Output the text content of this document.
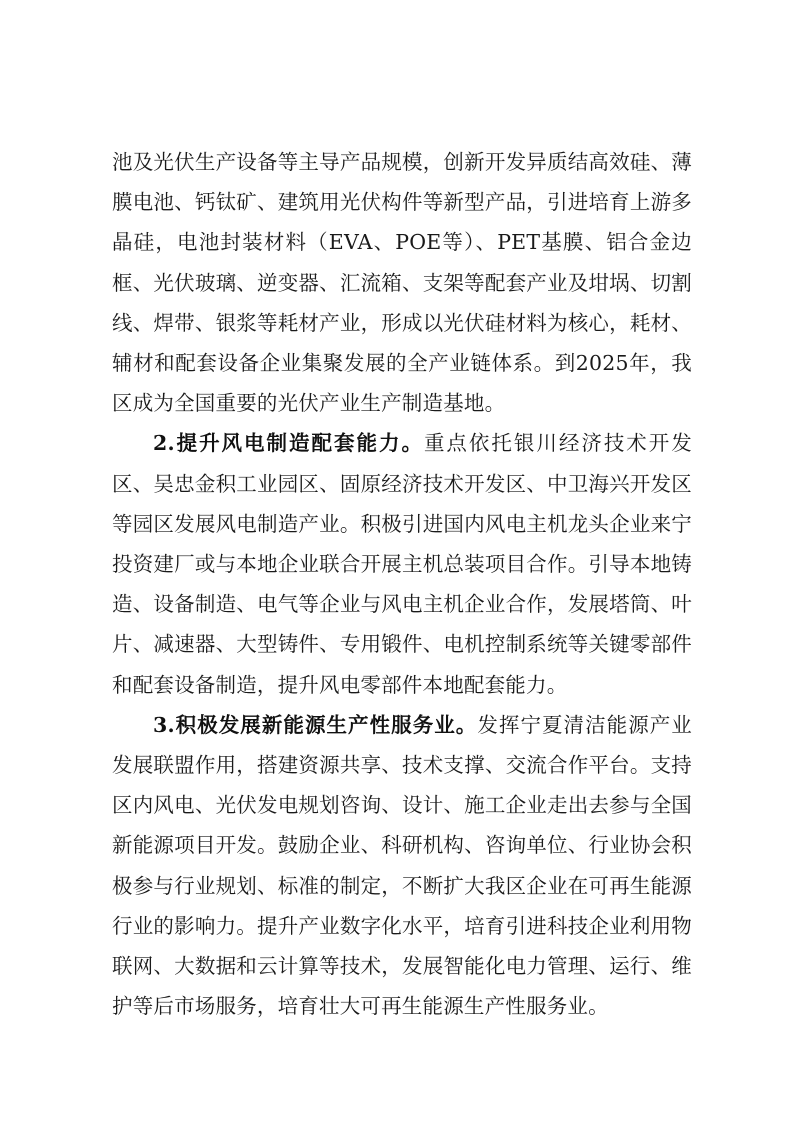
池及光伏生产设备等主导产品规模，创新开发异质结高效硅、薄膜电池、钙钛矿、建筑用光伏构件等新型产品，引进培育上游多晶硅，电池封装材料（EVA、POE等）、PET基膜、铝合金边框、光伏玻璃、逆变器、汇流箱、支架等配套产业及坩埚、切割线、焊带、银浆等耗材产业，形成以光伏硅材料为核心，耗材、辅材和配套设备企业集聚发展的全产业链体系。到2025年，我区成为全国重要的光伏产业生产制造基地。

2.提升风电制造配套能力。重点依托银川经济技术开发区、吴忠金积工业园区、固原经济技术开发区、中卫海兴开发区等园区发展风电制造产业。积极引进国内风电主机龙头企业来宁投资建厂或与本地企业联合开展主机总装项目合作。引导本地铸造、设备制造、电气等企业与风电主机企业合作，发展塔筒、叶片、减速器、大型铸件、专用锻件、电机控制系统等关键零部件和配套设备制造，提升风电零部件本地配套能力。

3.积极发展新能源生产性服务业。发挥宁夏清洁能源产业发展联盟作用，搭建资源共享、技术支撑、交流合作平台。支持区内风电、光伏发电规划咨询、设计、施工企业走出去参与全国新能源项目开发。鼓励企业、科研机构、咨询单位、行业协会积极参与行业规划、标准的制定，不断扩大我区企业在可再生能源行业的影响力。提升产业数字化水平，培育引进科技企业利用物联网、大数据和云计算等技术，发展智能化电力管理、运行、维护等后市场服务，培育壮大可再生能源生产性服务业。
